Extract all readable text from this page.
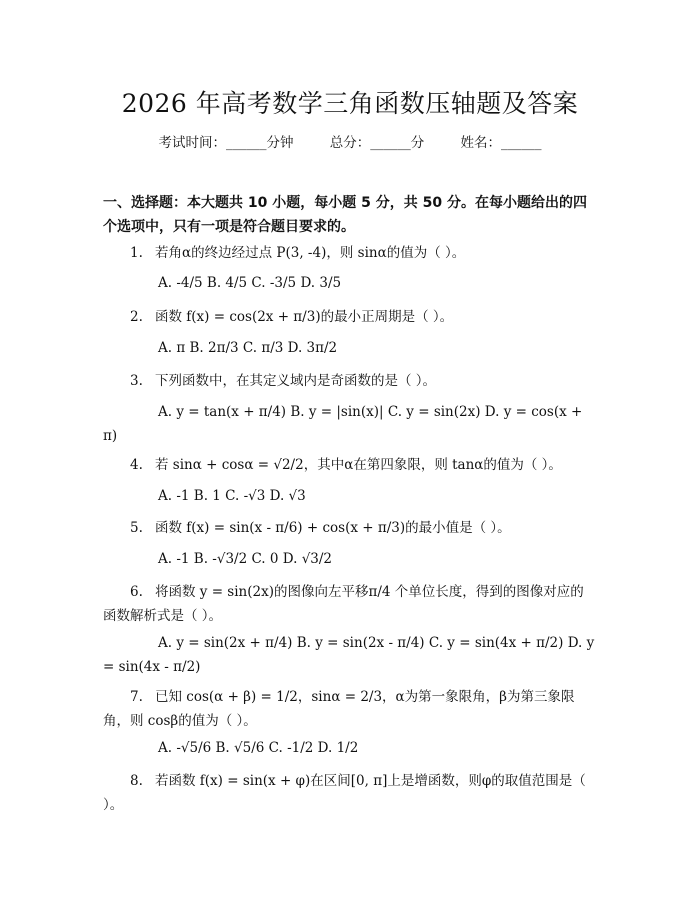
2026 年高考数学三角函数压轴题及答案
考试时间：______分钟	总分：______分	姓名：______
一、选择题：本大题共 10 小题，每小题 5 分，共 50 分。在每小题给出的四个选项中，只有一项是符合题目要求的。
1. 若角α的终边经过点 P(3, -4)，则 sinα的值为（ ）。
A. -4/5 B. 4/5 C. -3/5 D. 3/5
2. 函数 f(x) = cos(2x + π/3)的最小正周期是（ ）。
A. π B. 2π/3 C. π/3 D. 3π/2
3. 下列函数中，在其定义域内是奇函数的是（ ）。
A. y = tan(x + π/4) B. y = |sin(x)| C. y = sin(2x) D. y = cos(x + π)
4. 若 sinα + cosα = √2/2，其中α在第四象限，则 tanα的值为（ ）。
A. -1 B. 1 C. -√3 D. √3
5. 函数 f(x) = sin(x - π/6) + cos(x + π/3)的最小值是（ ）。
A. -1 B. -√3/2 C. 0 D. √3/2
6. 将函数 y = sin(2x)的图像向左平移π/4 个单位长度，得到的图像对应的函数解析式是（ ）。
A. y = sin(2x + π/4) B. y = sin(2x - π/4) C. y = sin(4x + π/2) D. y = sin(4x - π/2)
7. 已知 cos(α + β) = 1/2，sinα = 2/3，α为第一象限角，β为第三象限角，则 cosβ的值为（ ）。
A. -√5/6 B. √5/6 C. -1/2 D. 1/2
8. 若函数 f(x) = sin(x + φ)在区间[0, π]上是增函数，则φ的取值范围是（ ）。
